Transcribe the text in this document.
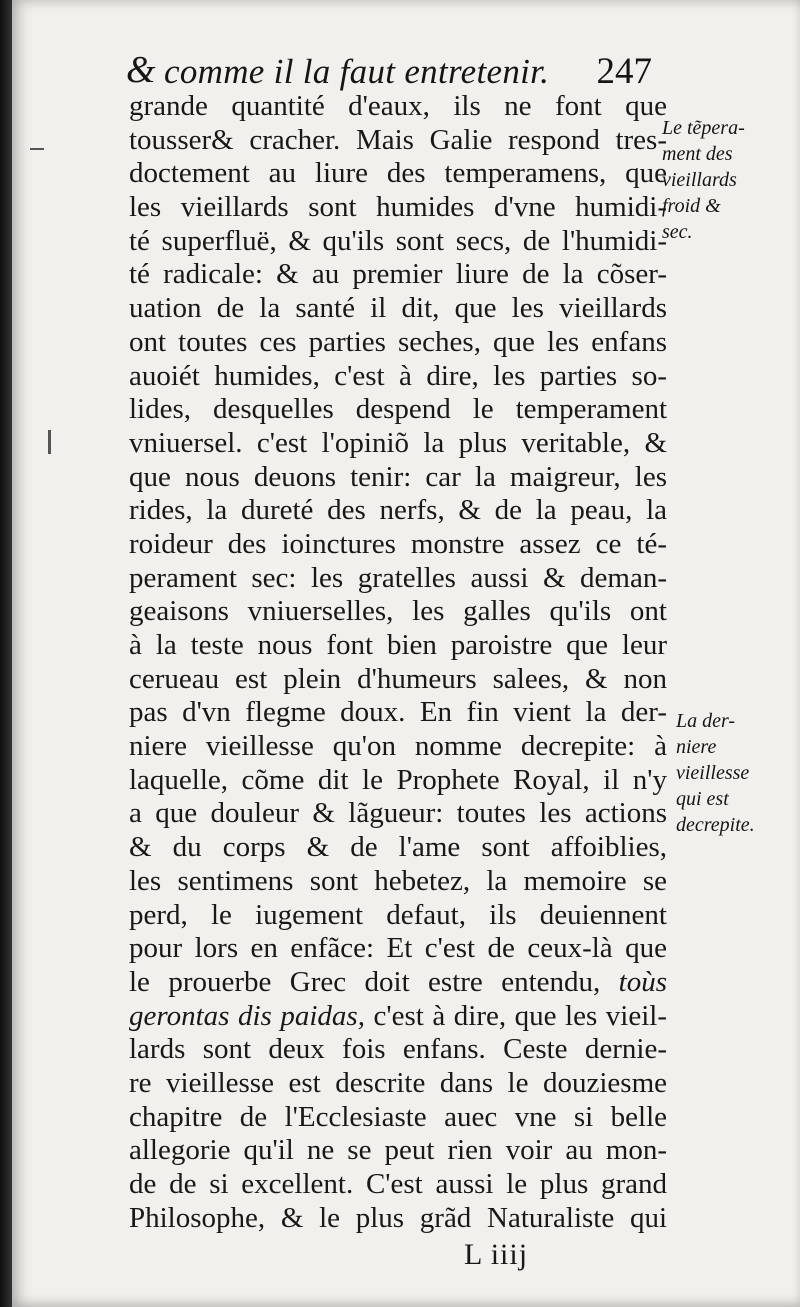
& comme il la faut entretenir. 247
Le tẽpera-
ment des
vieillards
froid &
sec.
La der-
niere
vieillesse
qui est
decrepite.
grande quantité d'eaux, ils ne font que
tousser& cracher. Mais Galie respond tres-
doctement au liure des temperamens, que
les vieillards sont humides d'vne humidi-
té superfluë, & qu'ils sont secs, de l'humidi-
té radicale: & au premier liure de la cõser-
uation de la santé il dit, que les vieillards
ont toutes ces parties seches, que les enfans
auoiét humides, c'est à dire, les parties so-
lides, desquelles despend le temperament
vniuersel. c'est l'opiniõ la plus veritable, &
que nous deuons tenir: car la maigreur, les
rides, la dureté des nerfs, & de la peau, la
roideur des ioinctures monstre assez ce té-
perament sec: les gratelles aussi & deman-
geaisons vniuerselles, les galles qu'ils ont
à la teste nous font bien paroistre que leur
cerueau est plein d'humeurs salees, & non
pas d'vn flegme doux. En fin vient la der-
niere vieillesse qu'on nomme decrepite: à
laquelle, cõme dit le Prophete Royal, il n'y
a que douleur & lãgueur: toutes les actions
& du corps & de l'ame sont affoiblies,
les sentimens sont hebetez, la memoire se
perd, le iugement defaut, ils deuiennent
pour lors en enfãce: Et c'est de ceux-là que
le prouerbe Grec doit estre entendu, toùs
gerontas dis paidas, c'est à dire, que les vieil-
lards sont deux fois enfans. Ceste dernie-
re vieillesse est descrite dans le douziesme
chapitre de l'Ecclesiaste auec vne si belle
allegorie qu'il ne se peut rien voir au mon-
de de si excellent. C'est aussi le plus grand
Philosophe, & le plus grãd Naturaliste qui
L iiij
